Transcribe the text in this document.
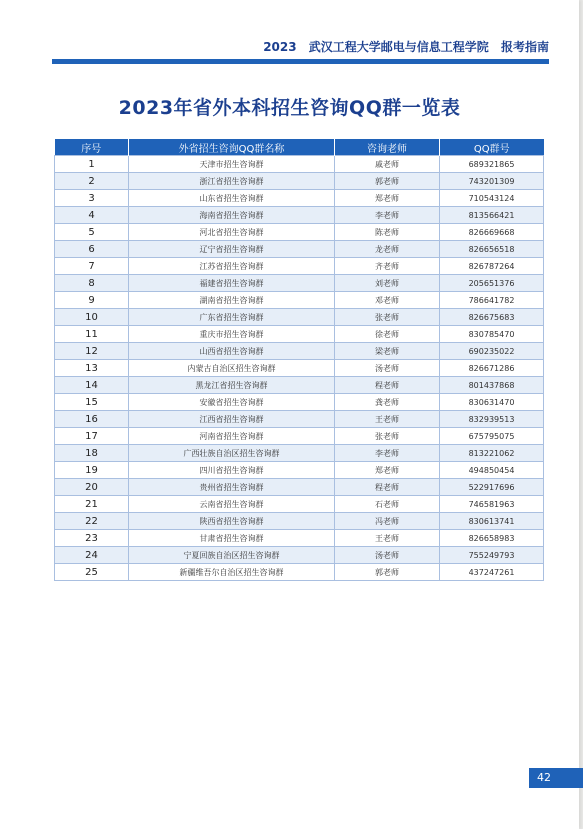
2023 武汉工程大学邮电与信息工程学院 报考指南
2023年省外本科招生咨询QQ群一览表
序号	外省招生咨询QQ群名称	咨询老师	QQ群号
1	天津市招生咨询群	戚老师	689321865
2	浙江省招生咨询群	郭老师	743201309
3	山东省招生咨询群	郑老师	710543124
4	海南省招生咨询群	李老师	813566421
5	河北省招生咨询群	陈老师	826669668
6	辽宁省招生咨询群	龙老师	826656518
7	江苏省招生咨询群	齐老师	826787264
8	福建省招生咨询群	刘老师	205651376
9	湖南省招生咨询群	邓老师	786641782
10	广东省招生咨询群	张老师	826675683
11	重庆市招生咨询群	徐老师	830785470
12	山西省招生咨询群	梁老师	690235022
13	内蒙古自治区招生咨询群	汤老师	826671286
14	黑龙江省招生咨询群	程老师	801437868
15	安徽省招生咨询群	龚老师	830631470
16	江西省招生咨询群	王老师	832939513
17	河南省招生咨询群	张老师	675795075
18	广西壮族自治区招生咨询群	李老师	813221062
19	四川省招生咨询群	郑老师	494850454
20	贵州省招生咨询群	程老师	522917696
21	云南省招生咨询群	石老师	746581963
22	陕西省招生咨询群	冯老师	830613741
23	甘肃省招生咨询群	王老师	826658983
24	宁夏回族自治区招生咨询群	汤老师	755249793
25	新疆维吾尔自治区招生咨询群	郭老师	437247261
42
